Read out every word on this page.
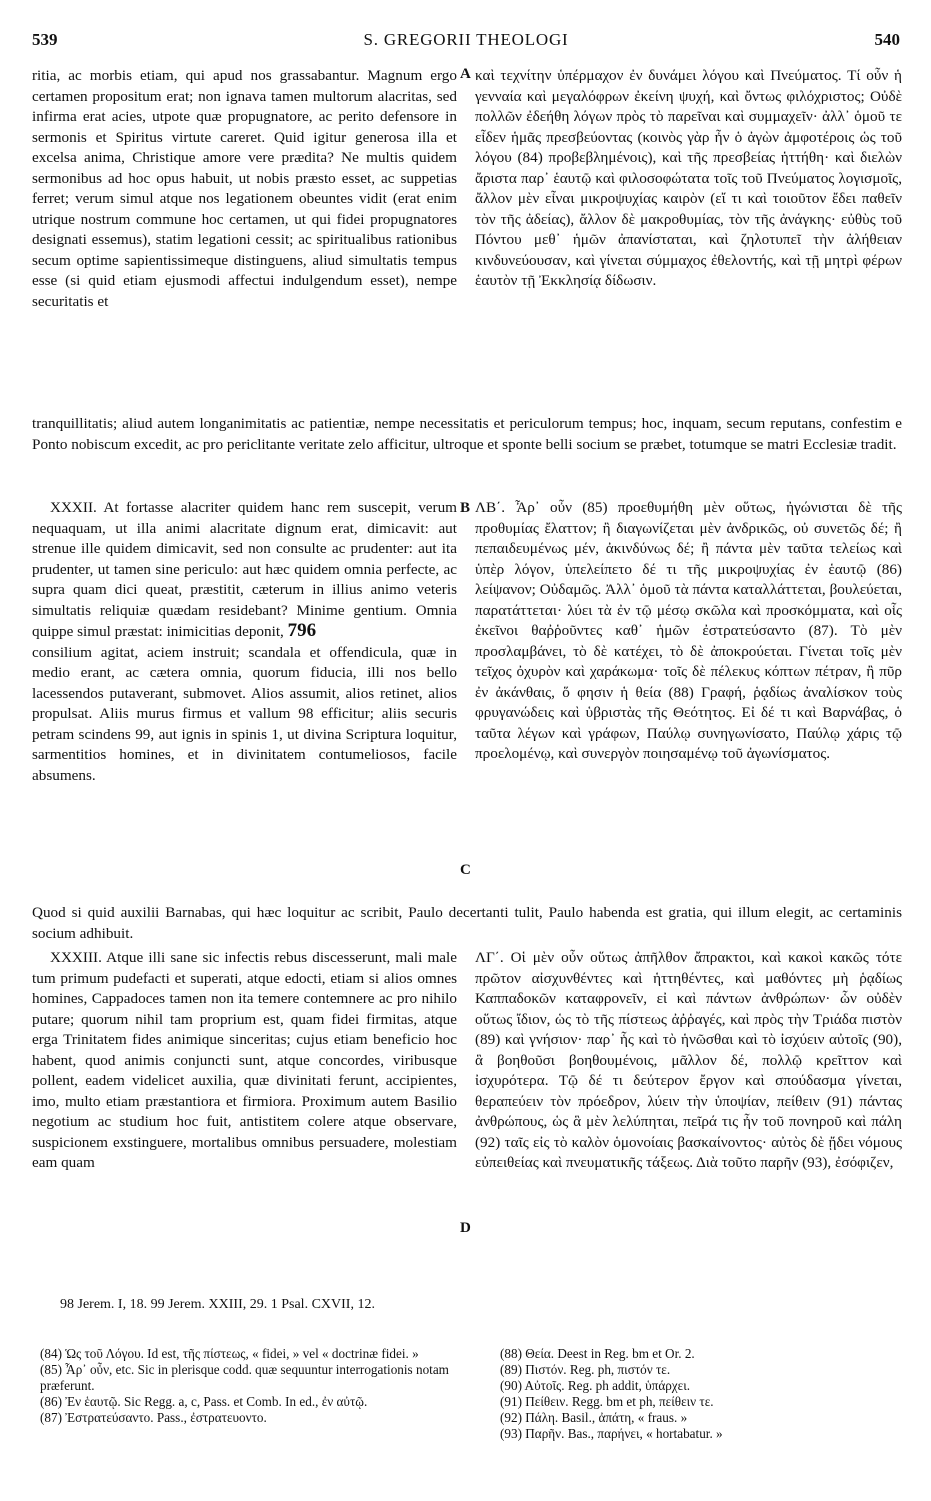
539	S. GREGORII THEOLOGI	540

ritia, ac morbis etiam, qui apud nos grassabantur. Magnum ergo certamen propositum erat; non ignava tamen multorum alacritas, sed infirma erat acies, utpote quæ propugnatore, ac perito defensore in sermonis et Spiritus virtute careret. Quid igitur generosa illa et excelsa anima, Christique amore vere prædita? Ne multis quidem sermonibus ad hoc opus habuit, ut nobis præsto esset, ac suppetias ferret; verum simul atque nos legationem obeuntes vidit (erat enim utrique nostrum commune hoc certamen, ut qui fidei propugnatores designati essemus), statim legationi cessit; ac spiritualibus rationibus secum optime sapientissimeque distinguens, aliud simultatis tempus esse (si quid etiam ejusmodi affectui indulgendum esset), nempe securitatis et

A καὶ τεχνίτην ὑπέρμαχον ἐν δυνάμει λόγου καὶ Πνεύματος. Τί οὖν ἡ γενναία καὶ μεγαλόφρων ἐκείνη ψυχή, καὶ ὄντως φιλόχριστος; Οὐδὲ πολλῶν ἐδεήθη λόγων πρὸς τὸ παρεῖναι καὶ συμμαχεῖν· ἀλλ᾽ ὁμοῦ τε εἶδεν ἡμᾶς πρεσβεύοντας (κοινὸς γὰρ ἦν ὁ ἀγὼν ἀμφοτέροις ὡς τοῦ λόγου (84) προβεβλημένοις), καὶ τῆς πρεσβείας ἡττήθη· καὶ διελὼν ἄριστα παρ᾽ ἑαυτῷ καὶ φιλοσοφώτατα τοῖς τοῦ Πνεύματος λογισμοῖς, ἄλλον μὲν εἶναι μικροψυχίας καιρὸν (εἴ τι καὶ τοιοῦτον ἔδει παθεῖν τὸν τῆς ἀδείας), ἄλλον δὲ μακροθυμίας, τὸν τῆς ἀνάγκης· εὐθὺς τοῦ Πόντου μεθ᾽ ἡμῶν ἀπανίσταται, καὶ ζηλοτυπεῖ τὴν ἀλήθειαν κινδυνεύουσαν, καὶ γίνεται σύμμαχος ἐθελοντής, καὶ τῇ μητρὶ φέρων ἑαυτὸν τῇ Ἐκκλησίᾳ δίδωσιν.

tranquillitatis; aliud autem longanimitatis ac patientiæ, nempe necessitatis et periculorum tempus; hoc, inquam, secum reputans, confestim e Ponto nobiscum excedit, ac pro periclitante veritate zelo afficitur, ultroque et sponte belli socium se præbet, totumque se matri Ecclesiæ tradit.

XXXII. At fortasse alacriter quidem hanc rem suscepit, verum nequaquam, ut illa animi alacritate dignum erat, dimicavit: aut strenue ille quidem dimicavit, sed non consulte ac prudenter: aut ita prudenter, ut tamen sine periculo: aut hæc quidem omnia perfecte, ac supra quam dici queat, præstitit, cæterum in illius animo veteris simultatis reliquiæ quædam residebant? Minime gentium. Omnia quippe simul præstat: inimicitias deponit, 796

consilium agitat, aciem instruit; scandala et offendicula, quæ in medio erant, ac cætera omnia, quorum fiducia, illi nos bello lacessendos putaverant, submovet. Alios assumit, alios retinet, alios propulsat. Aliis murus firmus et vallum 98 efficitur; aliis securis petram scindens 99, aut ignis in spinis 1, ut divina Scriptura loquitur, sarmentitios homines, et in divinitatem contumeliosos, facile absumens.

B ΛΒ΄. Ἆρ᾽ οὖν (85) προεθυμήθη μὲν οὕτως, ἠγώνισται δὲ τῆς προθυμίας ἔλαττον; ἢ διαγωνίζεται μὲν ἀνδρικῶς, οὐ συνετῶς δέ; ἢ πεπαιδευμένως μέν, ἀκινδύνως δέ; ἢ πάντα μὲν ταῦτα τελείως καὶ ὑπὲρ λόγον, ὑπελείπετο δέ τι τῆς μικροψυχίας ἐν ἑαυτῷ (86) λείψανον; Οὐδαμῶς. Ἀλλ᾽ ὁμοῦ τὰ πάντα καταλλάττεται, βουλεύεται, παρατάττεται· λύει τὰ ἐν τῷ μέσῳ σκῶλα καὶ προσκόμματα, καὶ οἷς ἐκεῖνοι θαῤῥοῦντες καθ᾽ ἡμῶν ἐστρατεύσαντο (87). Τὸ μὲν προσλαμβάνει, τὸ δὲ κατέχει, τὸ δὲ ἀποκρούεται. Γίνεται τοῖς μὲν τεῖχος ὀχυρὸν καὶ χαράκωμα· τοῖς δὲ πέλεκυς κόπτων πέτραν, ἢ πῦρ ἐν ἀκάνθαις, ὅ φησιν ἡ θεία (88) Γραφή, ῥᾳδίως ἀναλίσκον τοὺς φρυγανώδεις καὶ ὑβριστὰς τῆς Θεότητος. Εἰ δέ τι καὶ Βαρνάβας, ὁ ταῦτα λέγων καὶ γράφων, Παύλῳ συνηγωνίσατο, Παύλῳ χάρις τῷ προελομένῳ, καὶ συνεργὸν ποιησαμένῳ τοῦ ἀγωνίσματος.

C

Quod si quid auxilii Barnabas, qui hæc loquitur ac scribit, Paulo decertanti tulit, Paulo habenda est gratia, qui illum elegit, ac certaminis socium adhibuit.

XXXIII. Atque illi sane sic infectis rebus discesserunt, mali male tum primum pudefacti et superati, atque edocti, etiam si alios omnes homines, Cappadoces tamen non ita temere contemnere ac pro nihilo putare; quorum nihil tam proprium est, quam fidei firmitas, atque erga Trinitatem fides animique sinceritas; cujus etiam beneficio hoc habent, quod animis conjuncti sunt, atque concordes, viribusque pollent, eadem videlicet auxilia, quæ divinitati ferunt, accipientes, imo, multo etiam præstantiora et firmiora. Proximum autem Basilio negotium ac studium hoc fuit, antistitem colere atque observare, suspicionem exstinguere, mortalibus omnibus persuadere, molestiam eam quam

D

ΛΓ΄. Οἱ μὲν οὖν οὕτως ἀπῆλθον ἄπρακτοι, καὶ κακοὶ κακῶς τότε πρῶτον αἰσχυνθέντες καὶ ἡττηθέντες, καὶ μαθόντες μὴ ῥᾳδίως Καππαδοκῶν καταφρονεῖν, εἰ καὶ πάντων ἀνθρώπων· ὧν οὐδὲν οὕτως ἴδιον, ὡς τὸ τῆς πίστεως ἀῤῥαγές, καὶ πρὸς τὴν Τριάδα πιστὸν (89) καὶ γνήσιον· παρ᾽ ἧς καὶ τὸ ἡνῶσθαι καὶ τὸ ἰσχύειν αὐτοῖς (90), ἃ βοηθοῦσι βοηθουμένοις, μᾶλλον δέ, πολλῷ κρεῖττον καὶ ἰσχυρότερα. Τῷ δέ τι δεύτερον ἔργον καὶ σπούδασμα γίνεται, θεραπεύειν τὸν πρόεδρον, λύειν τὴν ὑποψίαν, πείθειν (91) πάντας ἀνθρώπους, ὡς ἃ μὲν λελύπηται, πεῖρά τις ἦν τοῦ πονηροῦ καὶ πάλη (92) ταῖς εἰς τὸ καλὸν ὁμονοίαις βασκαίνοντος· αὐτὸς δὲ ᾔδει νόμους εὐπειθείας καὶ πνευματικῆς τάξεως. Διὰ τοῦτο παρῆν (93), ἐσόφιζεν,

98 Jerem. I, 18. 99 Jerem. XXIII, 29. 1 Psal. CXVII, 12.

(84) Ὡς τοῦ Λόγου. Id est, τῆς πίστεως, « fidei, » vel « doctrinæ fidei. »

(85) Ἆρ᾽ οὖν, etc. Sic in plerisque codd. quæ sequuntur interrogationis notam præferunt.

(86) Ἐν ἑαυτῷ. Sic Regg. a, c, Pass. et Comb. In ed., ἐν αὐτῷ.

(87) Ἐστρατεύσαντο. Pass., ἐστρατευοντο.

(88) Θεία. Deest in Reg. bm et Or. 2.

(89) Πιστόν. Reg. ph, πιστόν τε.

(90) Αὐτοῖς. Reg. ph addit, ὑπάρχει.

(91) Πείθειν. Regg. bm et ph, πείθειν τε.

(92) Πάλη. Basil., ἀπάτη, « fraus. »

(93) Παρῆν. Bas., παρήνει, « hortabatur. »
